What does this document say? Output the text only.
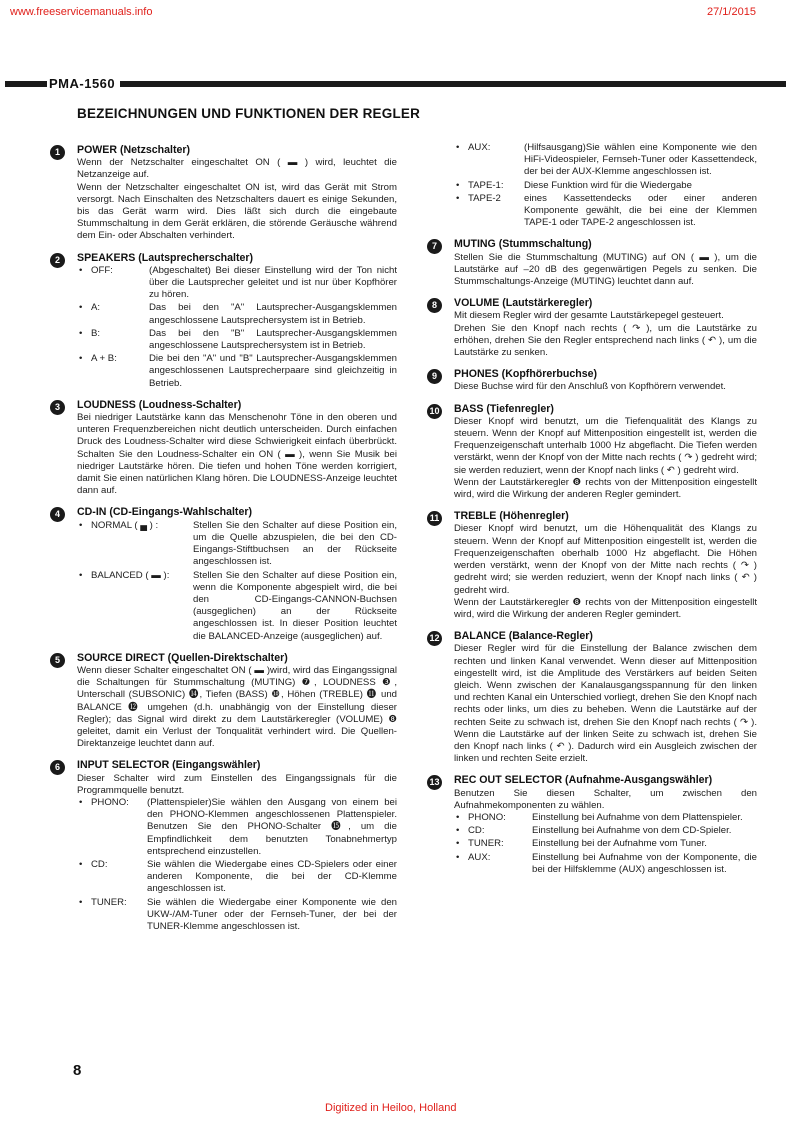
www.freeservicemanuals.info	27/1/2015
PMA-1560
BEZEICHNUNGEN UND FUNKTIONEN DER REGLER
1	POWER (Netzschalter)

Wenn der Netzschalter eingeschaltet ON ( ▬ ) wird, leuchtet die Netzanzeige auf.

Wenn der Netzschalter eingeschaltet ON ist, wird das Gerät mit Strom versorgt. Nach Einschalten des Netzschalters dauert es einige Sekunden, bis das Gerät warm wird. Dies läßt sich durch die eingebaute Stummschaltung in dem Gerät erklären, die störende Geräusche während dem Ein- oder Abschalten verhindert.

2	SPEAKERS (Lautsprecherschalter)
• OFF:	(Abgeschaltet) Bei dieser Einstellung wird der Ton nicht über die Lautsprecher geleitet und ist nur über Kopfhörer zu hören.
• A:	Das bei den "A" Lautsprecher-Ausgangsklemmen angeschlossene Lautsprechersystem ist in Betrieb.
• B:	Das bei den "B" Lautsprecher-Ausgangsklemmen angeschlossene Lautsprechersystem ist in Betrieb.
• A + B:	Die bei den "A" und "B" Lautsprecher-Ausgangsklemmen angeschlossenen Lautsprecherpaare sind gleichzeitig in Betrieb.
3	LOUDNESS (Loudness-Schalter)

Bei niedriger Lautstärke kann das Menschenohr Töne in den oberen und unteren Frequenzbereichen nicht deutlich unterscheiden. Durch einfachen Druck des Loudness-Schalter wird diese Schwierigkeit einfach überbrückt. Schalten Sie den Loudness-Schalter ein ON ( ▬ ), wenn Sie Musik bei niedriger Lautstärke hören. Die tiefen und hohen Töne werden korrigiert, damit Sie einen natürlichen Klang hören. Die LOUDNESS-Anzeige leuchtet dann auf.

4	CD-IN (CD-Eingangs-Wahlschalter)
• NORMAL ( ▄ ) :	Stellen Sie den Schalter auf diese Position ein, um die Quelle abzuspielen, die bei den CD-Eingangs-Stiftbuchsen an der Rückseite angeschlossen ist.
• BALANCED ( ▬ ):	Stellen Sie den Schalter auf diese Position ein, wenn die Komponente abgespielt wird, die bei den CD-Eingangs-CANNON-Buchsen (ausgeglichen) an der Rückseite angeschlossen ist. In dieser Position leuchtet die BALANCED-Anzeige (ausgeglichen) auf.
5	SOURCE DIRECT (Quellen-Direktschalter)

Wenn dieser Schalter eingeschaltet ON ( ▬ )wird, wird das Eingangssignal die Schaltungen für Stummschaltung (MUTING) ❼, LOUDNESS ❸, Unterschall (SUBSONIC) ⓮, Tiefen (BASS) ❿, Höhen (TREBLE) ⓫ und BALANCE ⓬ umgehen (d.h. unabhängig von der Einstellung dieser Regler); das Signal wird direkt zu dem Lautstärkeregler (VOLUME) ❽ geleitet, damit ein Verlust der Tonqualität verhindert wird. Die Quellen-Direktanzeige leuchtet dann auf.

6	INPUT SELECTOR (Eingangswähler)

Dieser Schalter wird zum Einstellen des Eingangssignals für die Programmquelle benutzt.

• PHONO:	(Plattenspieler)Sie wählen den Ausgang von einem bei den PHONO-Klemmen angeschlossenen Plattenspieler. Benutzen Sie den PHONO-Schalter ⓯, um die Empfindlichkeit dem benutzten Tonabnehmertyp entsprechend einzustellen.
• CD:	Sie wählen die Wiedergabe eines CD-Spielers oder einer anderen Komponente, die bei der CD-Klemme angeschlossen ist.
• TUNER:	Sie wählen die Wiedergabe einer Komponente wie den UKW-/AM-Tuner oder der Fernseh-Tuner, der bei der TUNER-Klemme angeschlossen ist.
• AUX:	(Hilfsausgang)Sie wählen eine Komponente wie den HiFi-Videospieler, Fernseh-Tuner oder Kassettendeck, der bei der AUX-Klemme angeschlossen ist.
• TAPE-1:	Diese Funktion wird für die Wiedergabe
• TAPE-2	eines Kassettendecks oder einer anderen Komponente gewählt, die bei eine der Klemmen TAPE-1 oder TAPE-2 angeschlossen ist.
7	MUTING (Stummschaltung)

Stellen Sie die Stummschaltung (MUTING) auf ON ( ▬ ), um die Lautstärke auf –20 dB des gegenwärtigen Pegels zu senken. Die Stummschaltungs-Anzeige (MUTING) leuchtet dann auf.

8	VOLUME (Lautstärkeregler)

Mit diesem Regler wird der gesamte Lautstärkepegel gesteuert.

Drehen Sie den Knopf nach rechts ( ↷ ), um die Lautstärke zu erhöhen, drehen Sie den Regler entsprechend nach links ( ↶ ), um die Lautstärke zu senken.

9	PHONES (Kopfhörerbuchse)

Diese Buchse wird für den Anschluß von Kopfhörern verwendet.

10 BASS (Tiefenregler)

Dieser Knopf wird benutzt, um die Tiefenqualität des Klangs zu steuern. Wenn der Knopf auf Mittenposition eingestellt ist, werden die Frequenzeigenschaft unterhalb 1000 Hz abgeflacht. Die Tiefen werden verstärkt, wenn der Knopf von der Mitte nach rechts ( ↷ ) gedreht wird; sie werden reduziert, wenn der Knopf nach links ( ↶ ) gedreht wird.

Wenn der Lautstärkeregler ❽ rechts von der Mittenposition eingestellt wird, wird die Wirkung der anderen Regler gemindert.

11 TREBLE (Höhenregler)

Dieser Knopf wird benutzt, um die Höhenqualität des Klangs zu steuern. Wenn der Knopf auf Mittenposition eingestellt ist, werden die Frequenzeigenschaften oberhalb 1000 Hz abgeflacht. Die Höhen werden verstärkt, wenn der Knopf von der Mitte nach rechts ( ↷ ) gedreht wird; sie werden reduziert, wenn der Knopf nach links ( ↶ ) gedreht wird.

Wenn der Lautstärkeregler ❽ rechts von der Mittenposition eingestellt wird, wird die Wirkung der anderen Regler gemindert.

12 BALANCE (Balance-Regler)

Dieser Regler wird für die Einstellung der Balance zwischen dem rechten und linken Kanal verwendet. Wenn dieser auf Mittenposition eingestellt wird, ist die Amplitude des Verstärkers auf beiden Seiten gleich. Wenn zwischen der Kanalausgangsspannung für den linken und rechten Kanal ein Unterschied vorliegt, drehen Sie den Knopf nach rechts oder links, um dies zu beheben. Wenn die Lautstärke auf der rechten Seite zu schwach ist, drehen Sie den Knopf nach rechts ( ↷ ). Wenn die Lautstärke auf der linken Seite zu schwach ist, drehen Sie den Knopf nach links ( ↶ ). Dadurch wird ein Ausgleich zwischen der linken und rechten Seite erzielt.

13 REC OUT SELECTOR (Aufnahme-Ausgangswähler)

Benutzen Sie diesen Schalter, um zwischen den Aufnahmekomponenten zu wählen.

• PHONO:	Einstellung bei Aufnahme von dem Plattenspieler.
• CD:	Einstellung bei Aufnahme von dem CD-Spieler.
• TUNER:	Einstellung bei der Aufnahme vom Tuner.
• AUX:	Einstellung bei Aufnahme von der Komponente, die bei der Hilfsklemme (AUX) angeschlossen ist.
8
Digitized in Heiloo, Holland
